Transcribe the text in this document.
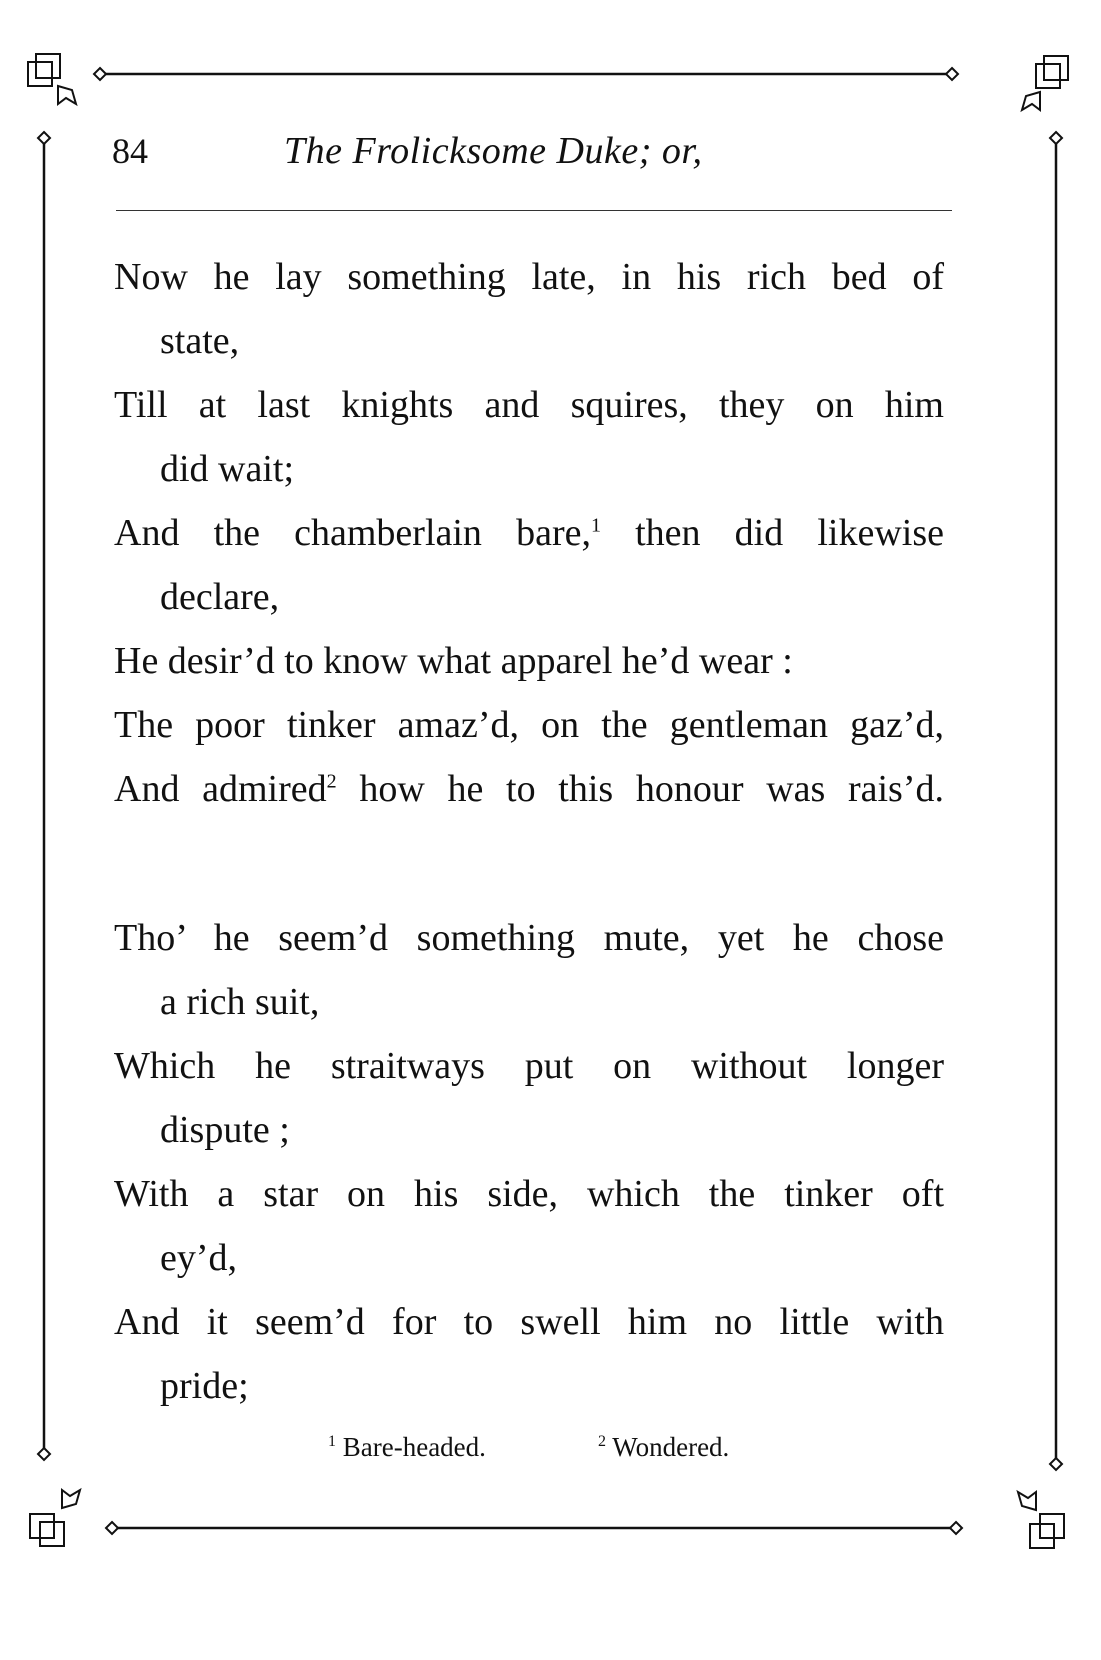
84	The Frolicksome Duke; or,
Now he lay something late, in his rich bed of
state,
Till at last knights and squires, they on him
did wait;
And the chamberlain bare,$^1$ then did likewise
declare,
He desir’d to know what apparel he’d wear :
The poor tinker amaz’d, on the gentleman gaz’d,
And admired$^2$ how he to this honour was rais’d.
Tho’ he seem’d something mute, yet he chose
a rich suit,
Which he straitways put on without longer
dispute ;
With a star on his side, which the tinker oft
ey’d,
And it seem’d for to swell him no little with
pride;
$^1$ Bare-headed.	$^2$ Wondered.
